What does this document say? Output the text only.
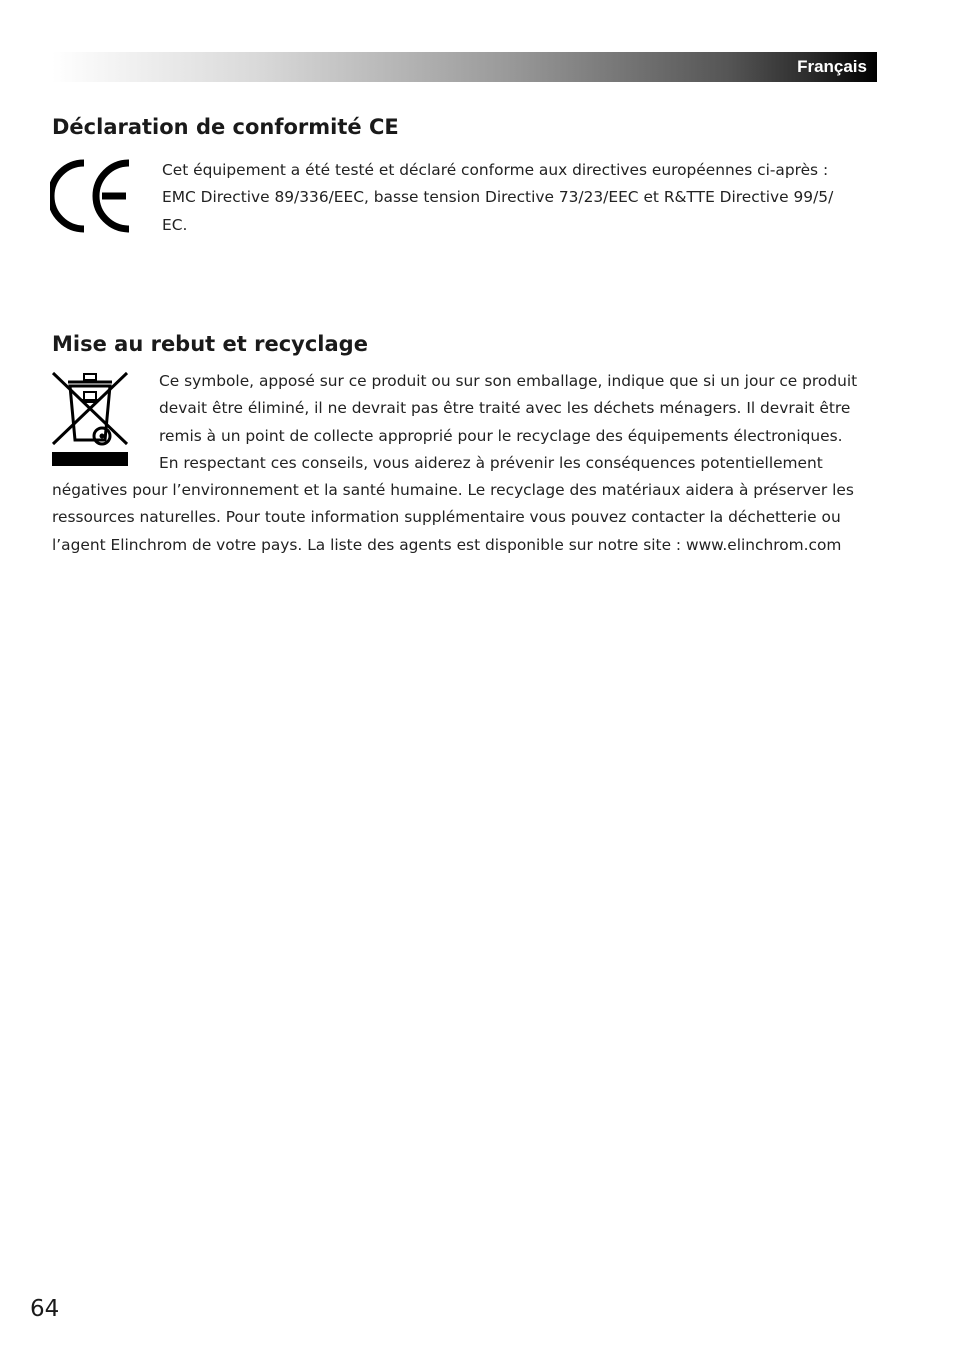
Français
Déclaration de conformité CE

Cet équipement a été testé et déclaré conforme aux directives européennes ci-après :

EMC Directive 89/336/EEC, basse tension Directive 73/23/EEC et R&TTE Directive 99/5/

EC.

Mise au rebut et recyclage

Ce symbole, apposé sur ce produit ou sur son emballage, indique que si un jour ce produit

devait être éliminé, il ne devrait pas être traité avec les déchets ménagers. Il devrait être

remis à un point de collecte approprié pour le recyclage des équipements électroniques.

En respectant ces conseils, vous aiderez à prévenir les conséquences potentiellement

négatives pour l’environnement et la santé humaine. Le recyclage des matériaux aidera à préserver les

ressources naturelles. Pour toute information supplémentaire vous pouvez contacter la déchetterie ou

l’agent Elinchrom de votre pays. La liste des agents est disponible sur notre site : www.elinchrom.com

64
